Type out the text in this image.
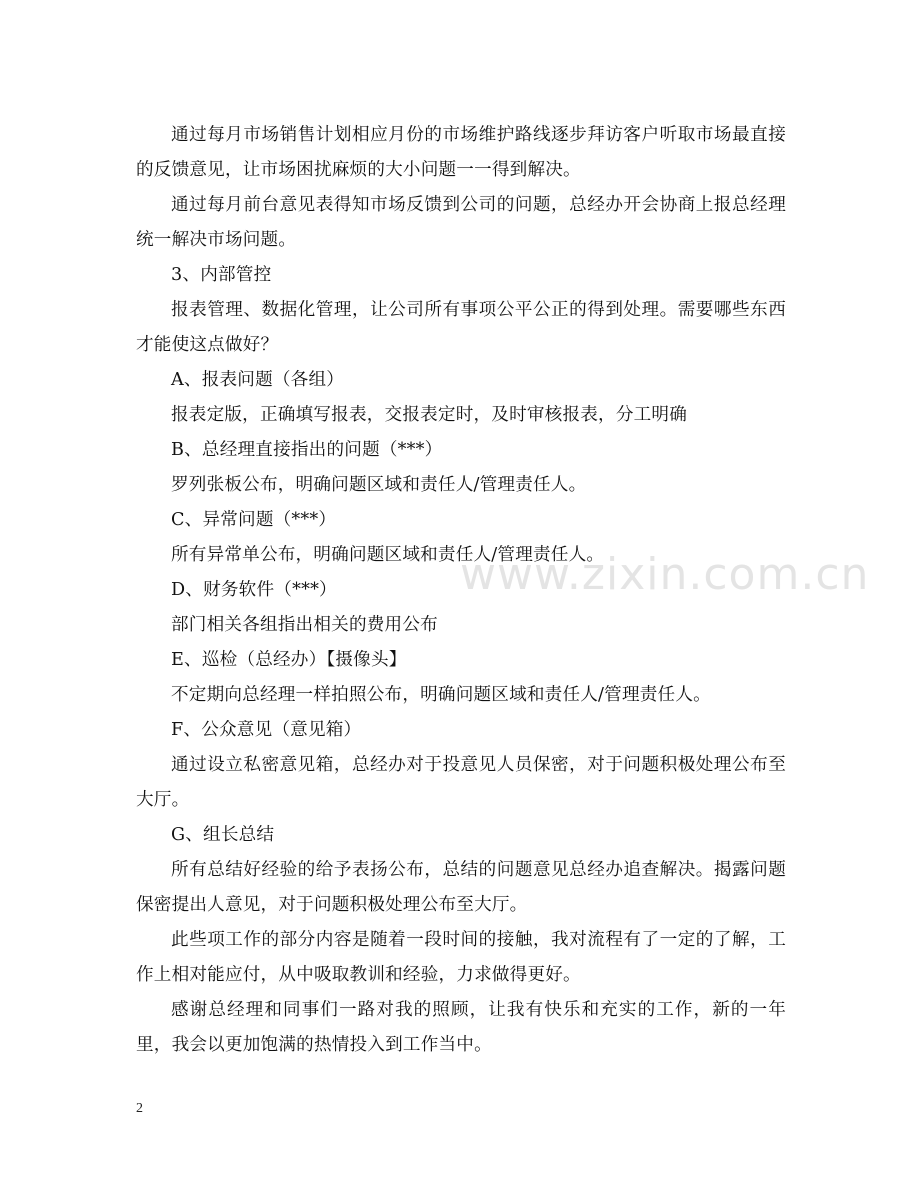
www.zixin.com.cn

通过每月市场销售计划相应月份的市场维护路线逐步拜访客户听取市场最直接的反馈意见，让市场困扰麻烦的大小问题一一得到解决。

通过每月前台意见表得知市场反馈到公司的问题，总经办开会协商上报总经理统一解决市场问题。

3、内部管控

报表管理、数据化管理，让公司所有事项公平公正的得到处理。需要哪些东西才能使这点做好？

A、报表问题（各组）

报表定版，正确填写报表，交报表定时，及时审核报表，分工明确

B、总经理直接指出的问题（***）

罗列张板公布，明确问题区域和责任人/管理责任人。

C、异常问题（***）

所有异常单公布，明确问题区域和责任人/管理责任人。

D、财务软件（***）

部门相关各组指出相关的费用公布

E、巡检（总经办）【摄像头】

不定期向总经理一样拍照公布，明确问题区域和责任人/管理责任人。

F、公众意见（意见箱）

通过设立私密意见箱，总经办对于投意见人员保密，对于问题积极处理公布至大厅。

G、组长总结

所有总结好经验的给予表扬公布，总结的问题意见总经办追查解决。揭露问题保密提出人意见，对于问题积极处理公布至大厅。

此些项工作的部分内容是随着一段时间的接触，我对流程有了一定的了解，工作上相对能应付，从中吸取教训和经验，力求做得更好。

感谢总经理和同事们一路对我的照顾，让我有快乐和充实的工作，新的一年里，我会以更加饱满的热情投入到工作当中。

2
